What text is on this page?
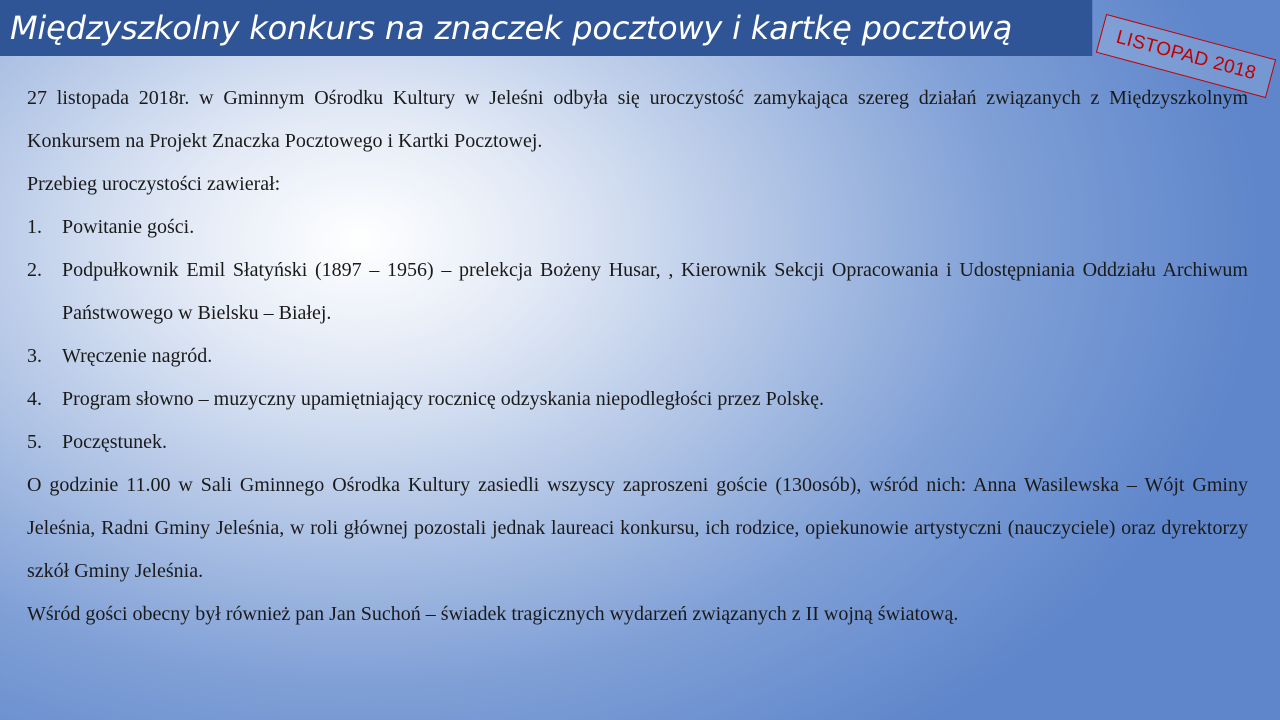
Międzyszkolny konkurs na znaczek pocztowy i kartkę pocztową	LISTOPAD 2018

27 listopada 2018r. w Gminnym Ośrodku Kultury w Jeleśni odbyła się uroczystość zamykająca szereg działań związanych z Międzyszkolnym Konkursem na Projekt Znaczka Pocztowego i Kartki Pocztowej.

Przebieg uroczystości zawierał:

1.	Powitanie gości.
2.	Podpułkownik Emil Słatyński (1897 – 1956) – prelekcja Bożeny Husar, , Kierownik Sekcji Opracowania i Udostępniania Oddziału Archiwum Państwowego w Bielsku – Białej.
3.	Wręczenie nagród.
4.	Program słowno – muzyczny upamiętniający rocznicę odzyskania niepodległości przez Polskę.
5.	Poczęstunek.

O godzinie 11.00 w Sali Gminnego Ośrodka Kultury zasiedli wszyscy zaproszeni goście (130osób), wśród nich: Anna Wasilewska – Wójt Gminy Jeleśnia, Radni Gminy Jeleśnia, w roli głównej pozostali jednak laureaci konkursu, ich rodzice, opiekunowie artystyczni (nauczyciele) oraz dyrektorzy szkół Gminy Jeleśnia.

Wśród gości obecny był również pan Jan Suchoń – świadek tragicznych wydarzeń związanych z II wojną światową.
